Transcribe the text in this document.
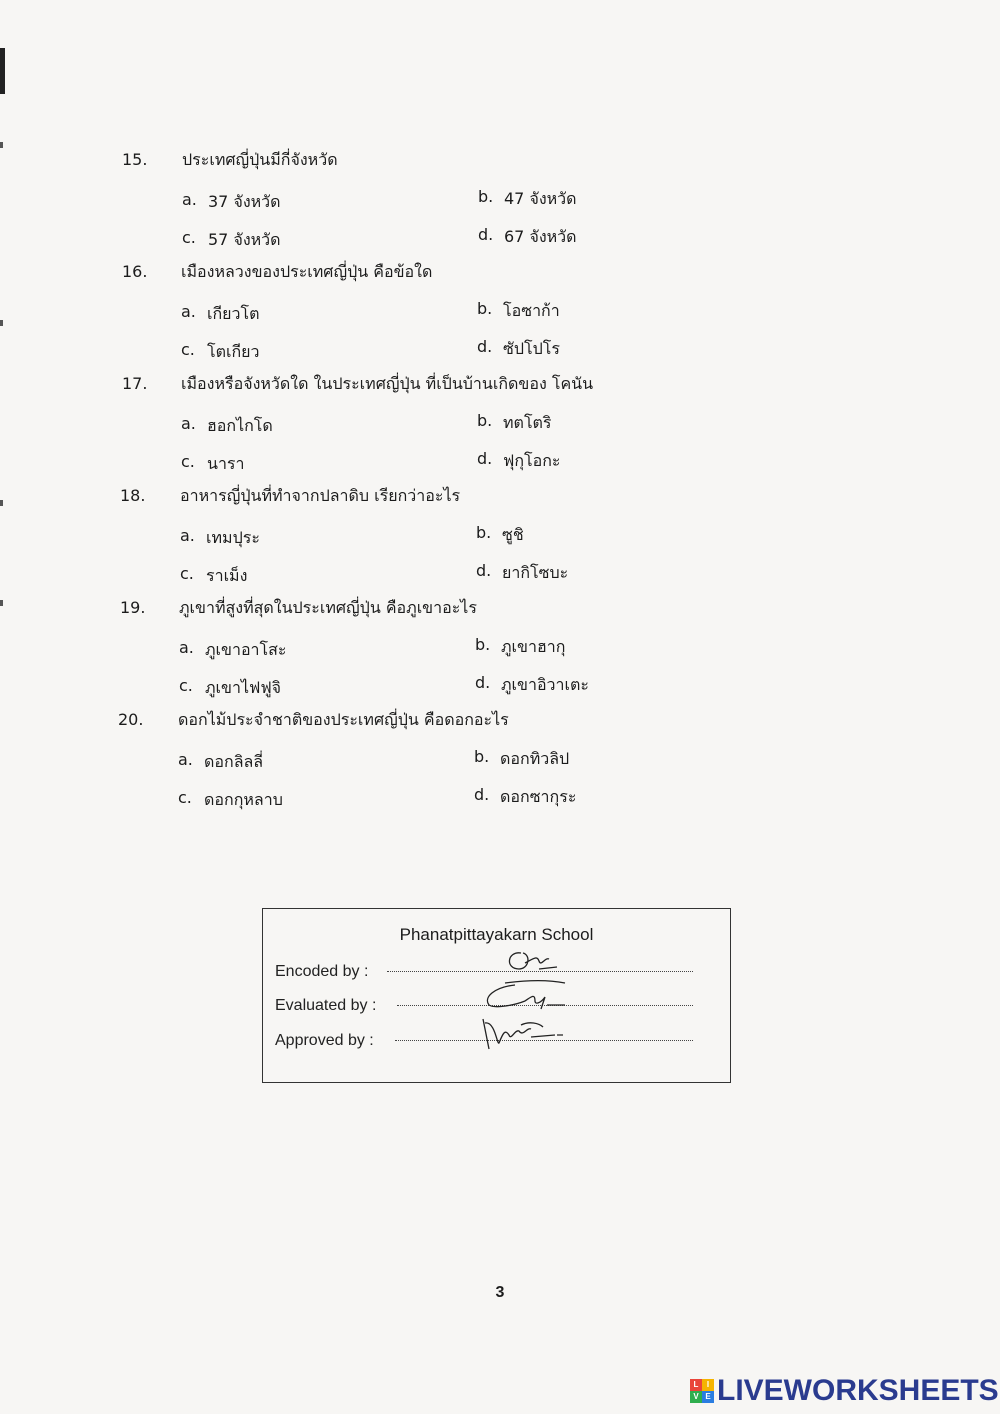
15. ประเทศญี่ปุ่นมีกี่จังหวัด
a. 37 จังหวัด	b. 47 จังหวัด
c. 57 จังหวัด	d. 67 จังหวัด
16. เมืองหลวงของประเทศญี่ปุ่น คือข้อใด
a. เกียวโต	b. โอซาก้า
c. โตเกียว	d. ซัปโปโร
17. เมืองหรือจังหวัดใด ในประเทศญี่ปุ่น ที่เป็นบ้านเกิดของ โคนัน
a. ฮอกไกโด	b. ทตโตริ
c. นารา	d. ฟุกุโอกะ
18. อาหารญี่ปุ่นที่ทำจากปลาดิบ เรียกว่าอะไร
a. เทมปุระ	b. ซูชิ
c. ราเม็ง	d. ยากิโซบะ
19. ภูเขาที่สูงที่สุดในประเทศญี่ปุ่น คือภูเขาอะไร
a. ภูเขาอาโสะ	b. ภูเขาฮากุ
c. ภูเขาไฟฟูจิ	d. ภูเขาอิวาเตะ
20. ดอกไม้ประจำชาติของประเทศญี่ปุ่น คือดอกอะไร
a. ดอกลิลลี่	b. ดอกทิวลิป
c. ดอกกุหลาบ	d. ดอกซากุระ
Phanatpittayakarn School
Encoded by :
Evaluated by :
Approved by :
3
L	I
V E LIVEWORKSHEETS
